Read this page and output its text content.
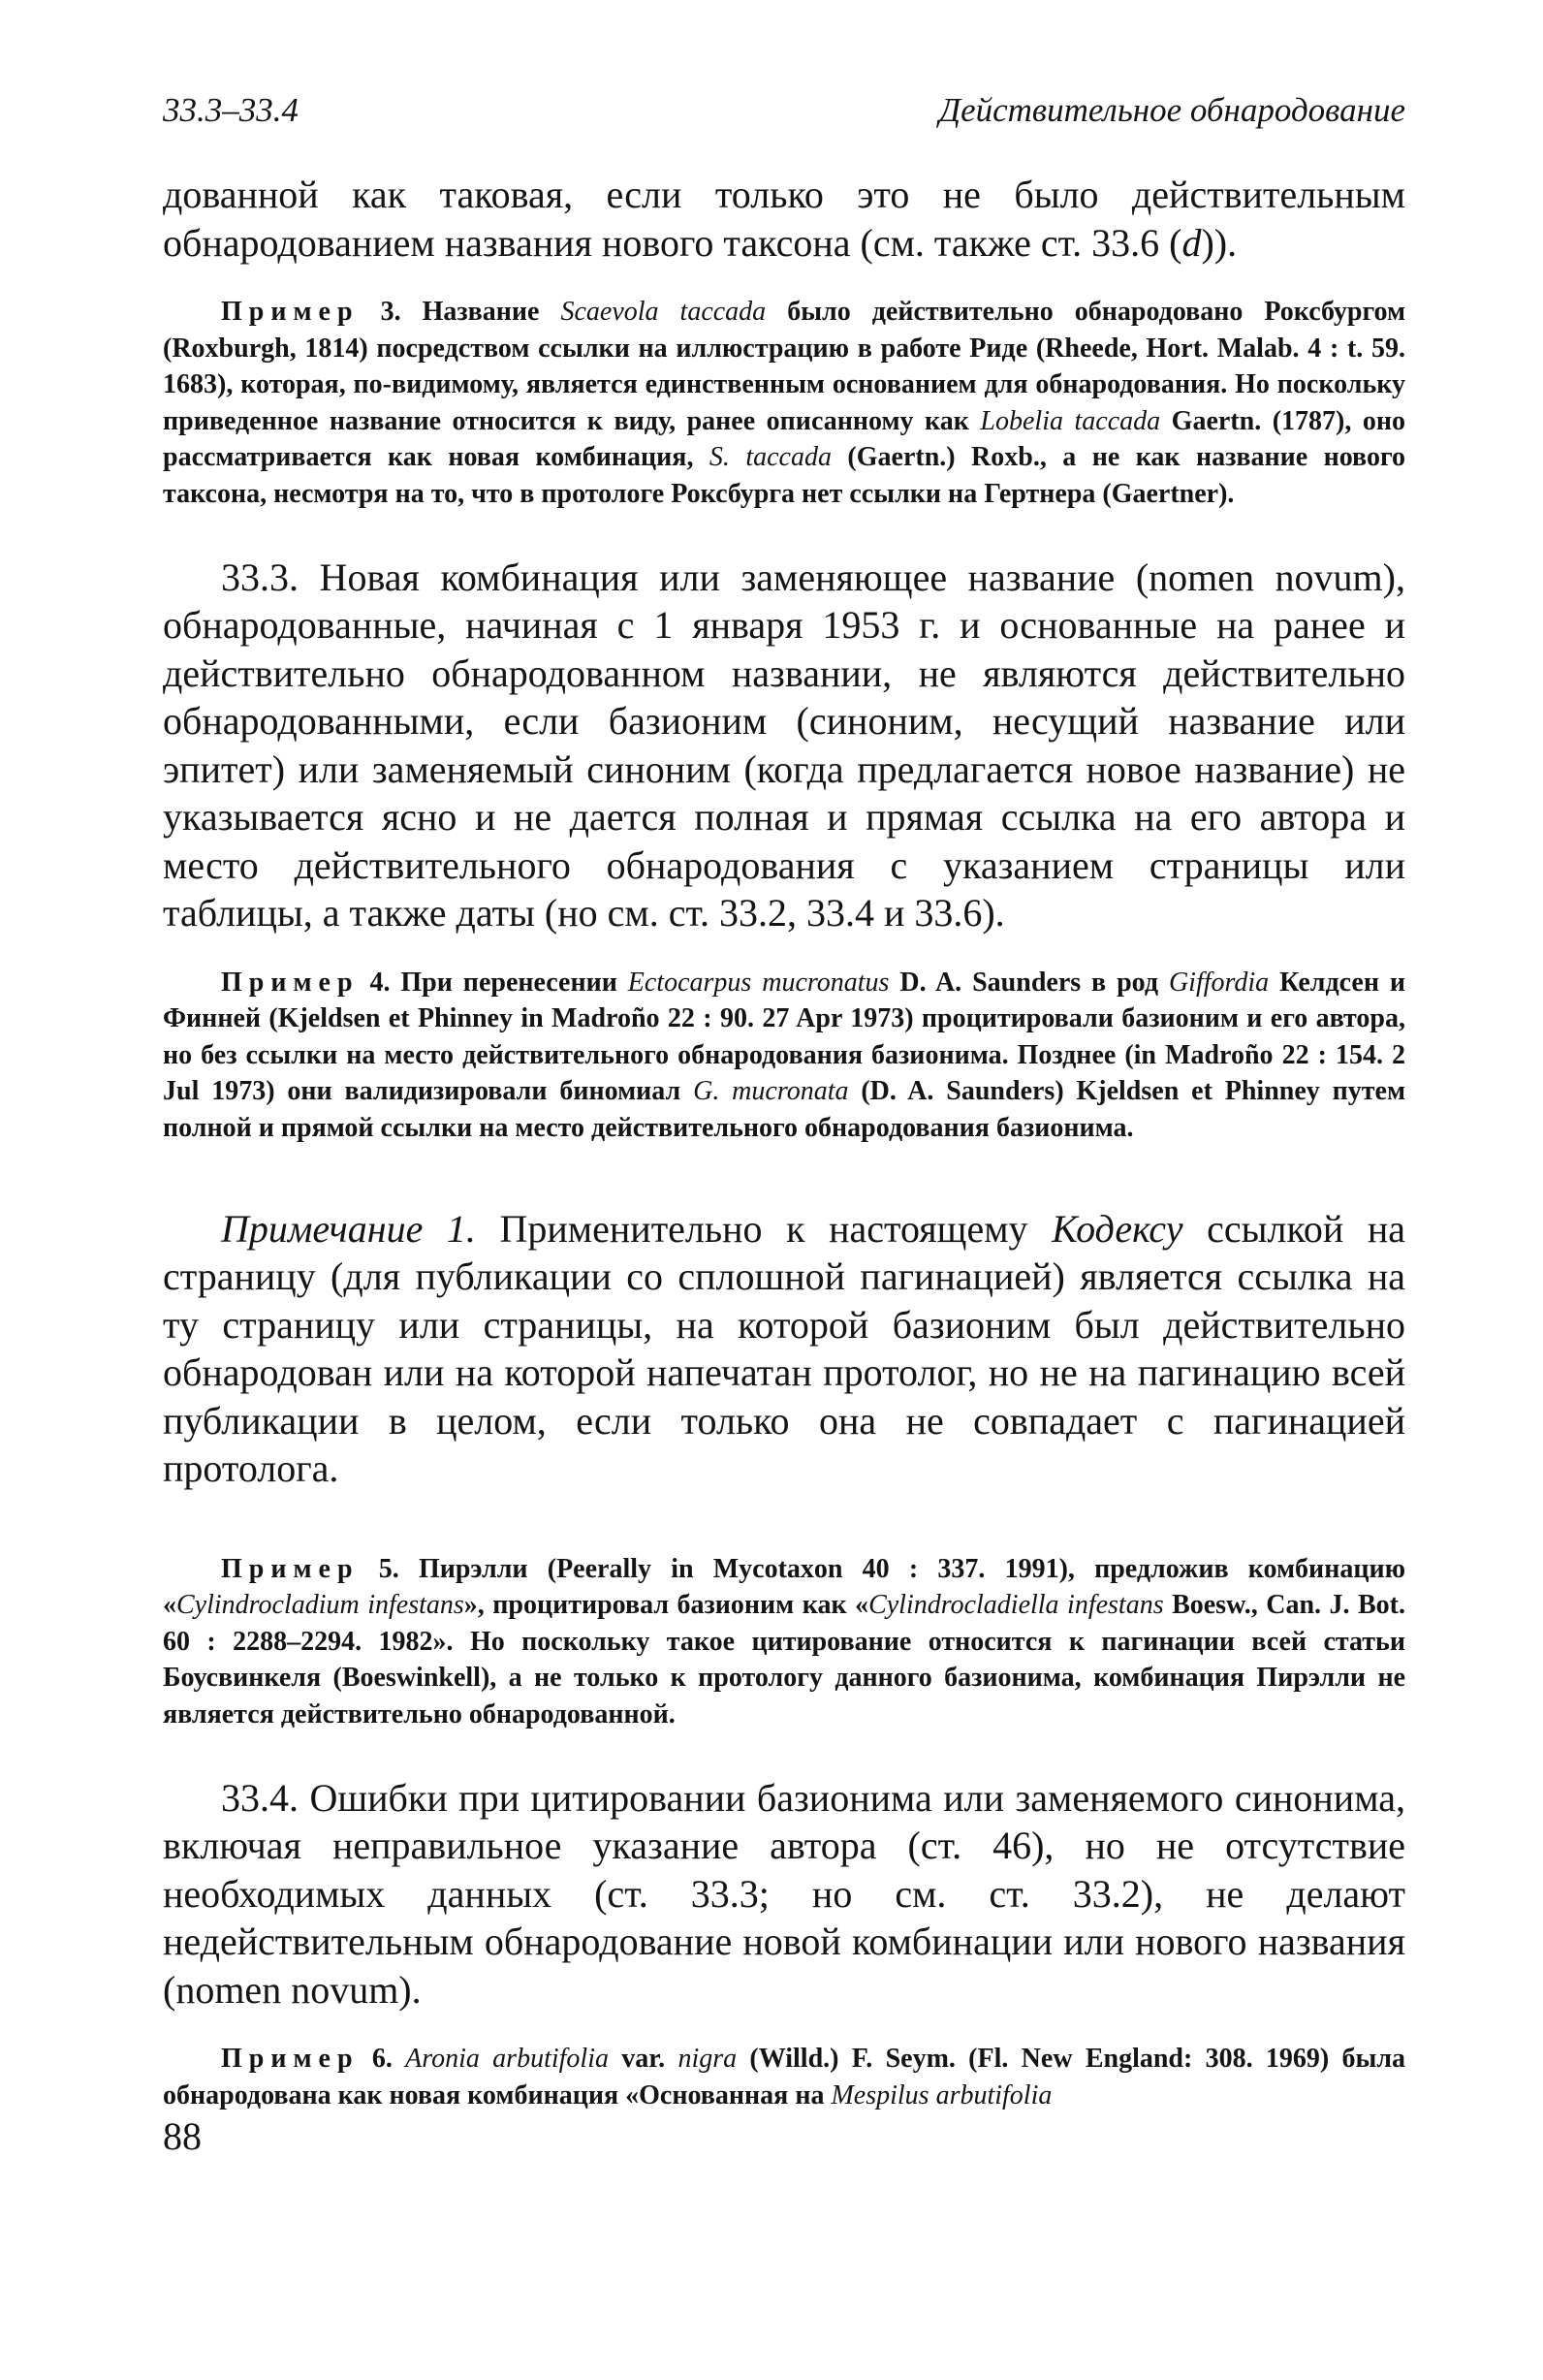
33.3–33.4	Действительное обнародование

дованной как таковая, если только это не было действительным обнародованием названия нового таксона (см. также ст. 33.6 (d)).

Пример 3. Название Scaevola taccada было действительно обнародовано Роксбургом (Roxburgh, 1814) посредством ссылки на иллюстрацию в работе Риде (Rheede, Hort. Malab. 4 : t. 59. 1683), которая, по-видимому, является единственным основанием для обнародования. Но поскольку приведенное название относится к виду, ранее описанному как Lobelia taccada Gaertn. (1787), оно рассматривается как новая комбинация, S. taccada (Gaertn.) Roxb., а не как название нового таксона, несмотря на то, что в протологе Роксбурга нет ссылки на Гертнера (Gaertner).

33.3. Новая комбинация или заменяющее название (nomen novum), обнародованные, начиная с 1 января 1953 г. и основанные на ранее и действительно обнародованном названии, не являются действительно обнародованными, если базионим (синоним, несущий название или эпитет) или заменяемый синоним (когда предлагается новое название) не указывается ясно и не дается полная и прямая ссылка на его автора и место действительного обнародования с указанием страницы или таблицы, а также даты (но см. ст. 33.2, 33.4 и 33.6).

Пример 4. При перенесении Ectocarpus mucronatus D. A. Saunders в род Giffordia Келдсен и Финней (Kjeldsen et Phinney in Madroño 22 : 90. 27 Apr 1973) процитировали базионим и его автора, но без ссылки на место действительного обнародования базионима. Позднее (in Madroño 22 : 154. 2 Jul 1973) они валидизировали биномиал G. mucronata (D. A. Saunders) Kjeldsen et Phinney путем полной и прямой ссылки на место действительного обнародования базионима.

Примечание 1. Применительно к настоящему Кодексу ссылкой на страницу (для публикации со сплошной пагинацией) является ссылка на ту страницу или страницы, на которой базионим был действительно обнародован или на которой напечатан протолог, но не на пагинацию всей публикации в целом, если только она не совпадает с пагинацией протолога.

Пример 5. Пирэлли (Peerally in Mycotaxon 40 : 337. 1991), предложив комбинацию «Cylindrocladium infestans», процитировал базионим как «Cylindrocladiella infestans Boesw., Can. J. Bot. 60 : 2288–2294. 1982». Но поскольку такое цитирование относится к пагинации всей статьи Боусвинкеля (Boeswinkell), а не только к протологу данного базионима, комбинация Пирэлли не является действительно обнародованной.

33.4. Ошибки при цитировании базионима или заменяемого синонима, включая неправильное указание автора (ст. 46), но не отсутствие необходимых данных (ст. 33.3; но см. ст. 33.2), не делают недействительным обнародование новой комбинации или нового названия (nomen novum).

Пример 6. Aronia arbutifolia var. nigra (Willd.) F. Seym. (Fl. New England: 308. 1969) была обнародована как новая комбинация «Основанная на Mespilus arbutifolia

88
